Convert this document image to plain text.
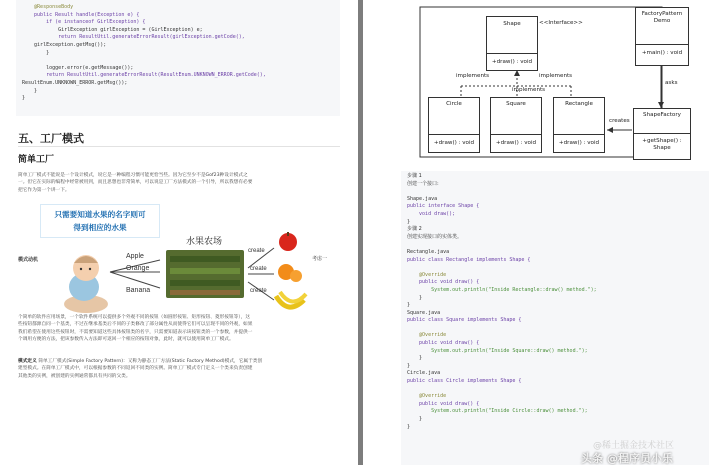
@ResponseBody
public Result handle(Exception e) {
if (e instanceof GirlException) {
GirlException girlException = (GirlException) e;
return ResultUtil.generateErrorResult(girlException.getCode(),
girlException.getMsg());
}
logger.error(e.getMessage());
return ResultUtil.generateErrorResult(ResultEnum.UNKNOWN_ERROR.getCode(),
ResultEnum.UNKNOWN_ERROR.getMsg());
}
}
五、工厂模式
简单工厂
简单工厂模式不能说是一个设计模式，说它是一种编程习惯可能更恰当些。因为它至少不是Gof23种设计模式之
一。但它在实际的编程中经常被用到，而且思想也非常简单，可以说是工厂方法模式的一个引导，所以我想有必要
把它作为第一个讲一下。
只需要知道水果的名字则可
得到相应的水果
模式动机	Apple
Orange
Banana
水果农场
create
create
create
考虑一
个简单的软件应用场景，一个软件系统可以提供多个外观不同的按钮（如圆形按钮、矩形按钮、菱形按钮等），这
些按钮都源自同一个基类，不过在继承基类后不同的子类修改了部分属性从而使得它们可以呈现不同的外观，如果
我们希望在使用这些按钮时，不需要知道这些具体按钮类的名字，只需要知道表示该按钮类的一个参数，并提供一
个调用方便的方法，把该参数传入方法即可返回一个相应的按钮对象，此时，就可以使用简单工厂模式。
模式定义 简单工厂模式(Simple Factory Pattern)：又称为静态工厂方法(Static Factory Method)模式，它属于类创
建型模式。在简单工厂模式中，可以根据参数的不同返回不同类的实例。简单工厂模式专门定义一个类来负责创建
其他类的实例，被创建的实例通常都具有共同的父类。
Shape
+draw() : void
<<Interface>>
implements	implements
implements
Circle
+draw() : void
Square
+draw() : void
Rectangle
+draw() : void
FactoryPattern Demo
+main() : void
asks
ShapeFactory
+getShape() : Shape
creates
步骤 1
创建一个接口:
Shape.java
public interface Shape {
void draw();
}
步骤 2
创建实现接口的实体类。
Rectangle.java
public class Rectangle implements Shape {
@Override
public void draw() {
System.out.println("Inside Rectangle::draw() method.");
}
}
Square.java
public class Square implements Shape {
@Override
public void draw() {
System.out.println("Inside Square::draw() method.");
}
}
Circle.java
public class Circle implements Shape {
@Override
public void draw() {
System.out.println("Inside Circle::draw() method.");
}
}
@稀土掘金技术社区
头条 @程序员小乐
